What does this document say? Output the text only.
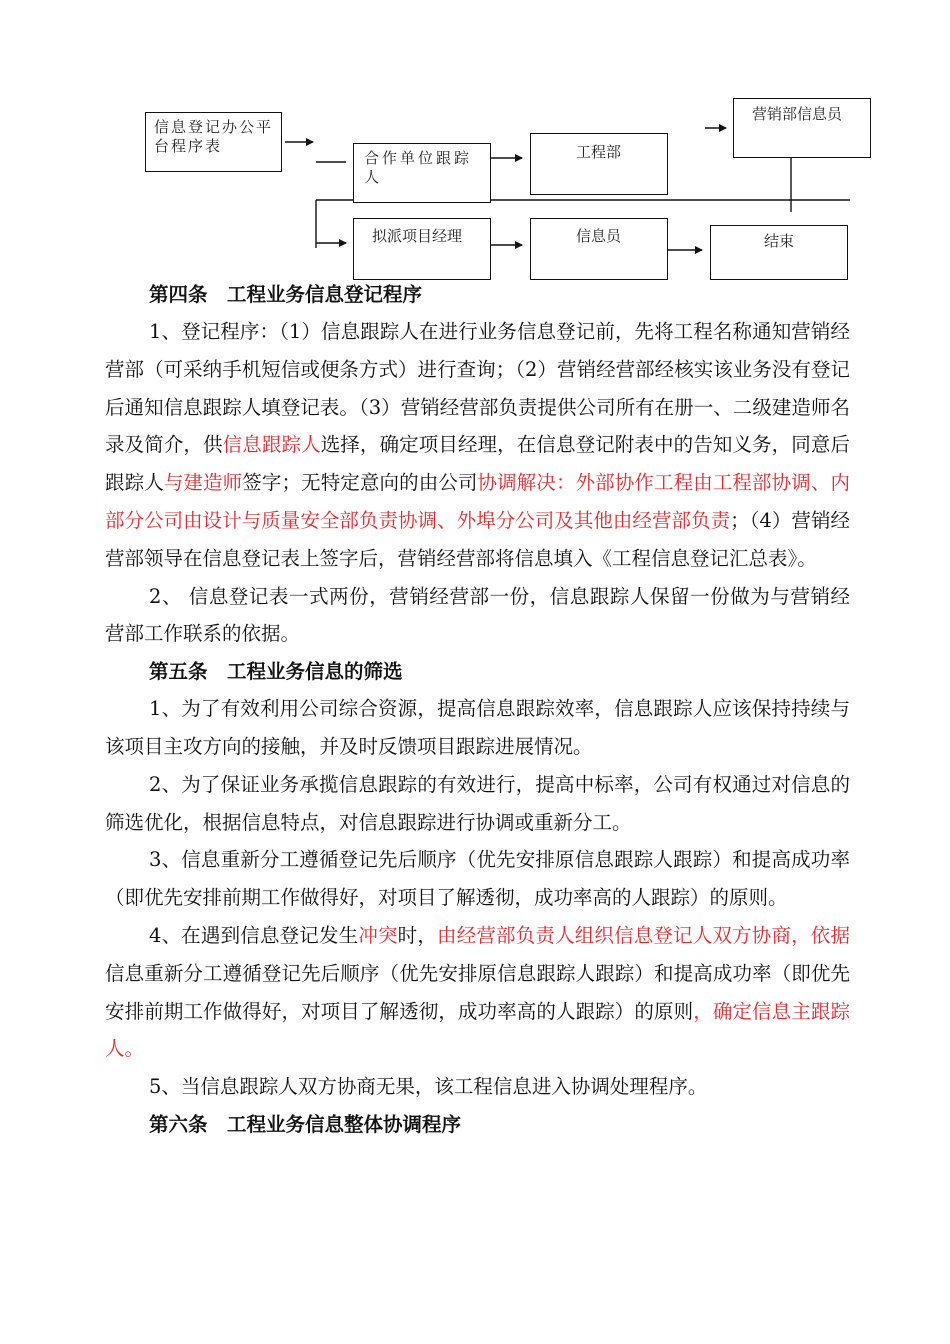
信息登记办公平台程序表
合作单位跟踪人
工程部
营销部信息员
拟派项目经理	信息员	结束

第四条　工程业务信息登记程序

1、登记程序：（1）信息跟踪人在进行业务信息登记前，先将工程名称通知营销经营部（可采纳手机短信或便条方式）进行查询；（2）营销经营部经核实该业务没有登记后通知信息跟踪人填登记表。（3）营销经营部负责提供公司所有在册一、二级建造师名录及简介，供信息跟踪人选择，确定项目经理，在信息登记附表中的告知义务，同意后跟踪人与建造师签字；无特定意向的由公司协调解决：外部协作工程由工程部协调、内部分公司由设计与质量安全部负责协调、外埠分公司及其他由经营部负责；（4）营销经营部领导在信息登记表上签字后，营销经营部将信息填入《工程信息登记汇总表》。

2、 信息登记表一式两份，营销经营部一份，信息跟踪人保留一份做为与营销经营部工作联系的依据。

第五条　工程业务信息的筛选

1、为了有效利用公司综合资源，提高信息跟踪效率，信息跟踪人应该保持持续与该项目主攻方向的接触，并及时反馈项目跟踪进展情况。

2、为了保证业务承揽信息跟踪的有效进行，提高中标率，公司有权通过对信息的筛选优化，根据信息特点，对信息跟踪进行协调或重新分工。

3、信息重新分工遵循登记先后顺序（优先安排原信息跟踪人跟踪）和提高成功率（即优先安排前期工作做得好，对项目了解透彻，成功率高的人跟踪）的原则。

4、在遇到信息登记发生冲突时，由经营部负责人组织信息登记人双方协商，依据信息重新分工遵循登记先后顺序（优先安排原信息跟踪人跟踪）和提高成功率（即优先安排前期工作做得好，对项目了解透彻，成功率高的人跟踪）的原则，确定信息主跟踪人。

5、当信息跟踪人双方协商无果，该工程信息进入协调处理程序。

第六条　工程业务信息整体协调程序
